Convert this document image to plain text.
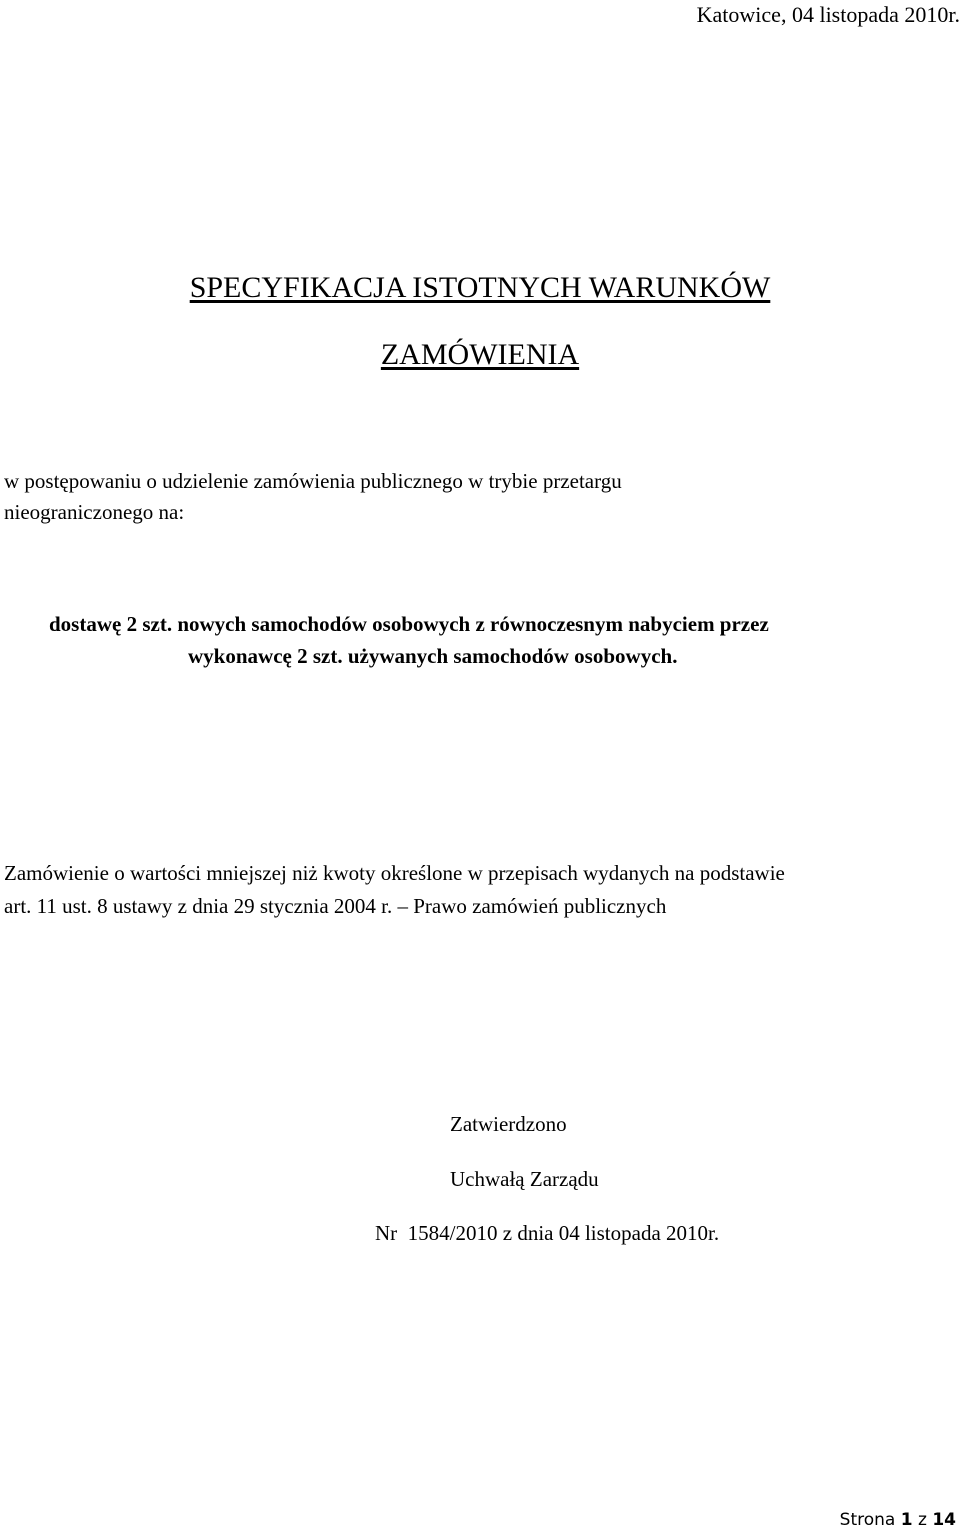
Katowice, 04 listopada 2010r.

SPECYFIKACJA ISTOTNYCH WARUNKÓW
ZAMÓWIENIA

w postępowaniu o udzielenie zamówienia publicznego w trybie przetargu

nieograniczonego na:

dostawę 2 szt. nowych samochodów osobowych z równoczesnym nabyciem przez

wykonawcę 2 szt. używanych samochodów osobowych.

Zamówienie o wartości mniejszej niż kwoty określone w przepisach wydanych na podstawie

art. 11 ust. 8 ustawy z dnia 29 stycznia 2004 r. – Prawo zamówień publicznych

Zatwierdzono

Uchwałą Zarządu

Nr  1584/2010 z dnia 04 listopada 2010r.

Strona 1 z 14
